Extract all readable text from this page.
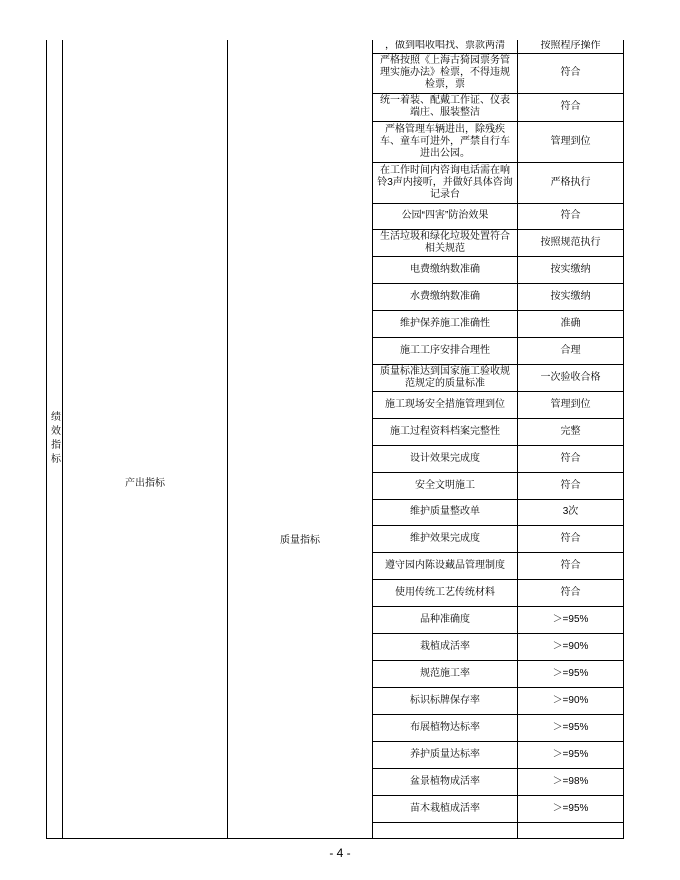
绩效指标	产出指标	质量指标	，做到唱收唱找、票款两清	按照程序操作
			严格按照《上海古猗园票务管理实施办法》检票，不得违规检票，票	符合
			统一着装、配戴工作证、仪表端庄、服装整洁	符合
			严格管理车辆进出，除残疾车、童车可进外，严禁自行车进出公园。	管理到位
			在工作时间内咨询电话需在响铃3声内接听，并做好具体咨询记录台	严格执行
			公园“四害”防治效果	符合
			生活垃圾和绿化垃圾处置符合相关规范	按照规范执行
			电费缴纳数准确	按实缴纳
			水费缴纳数准确	按实缴纳
			维护保养施工准确性	准确
			施工工序安排合理性	合理
			质量标准达到国家施工验收规范规定的质量标准	一次验收合格
			施工现场安全措施管理到位	管理到位
			施工过程资料档案完整性	完整
			设计效果完成度	符合
			安全文明施工	符合
			维护质量整改单	3次
			维护效果完成度	符合
			遵守园内陈设藏品管理制度	符合
			使用传统工艺传统材料	符合
			品种准确度	＞=95%
			栽植成活率	＞=90%
			规范施工率	＞=95%
			标识标牌保存率	＞=90%
			布展植物达标率	＞=95%
			养护质量达标率	＞=95%
			盆景植物成活率	＞=98%
			苗木栽植成活率	＞=95%

- 4 -
